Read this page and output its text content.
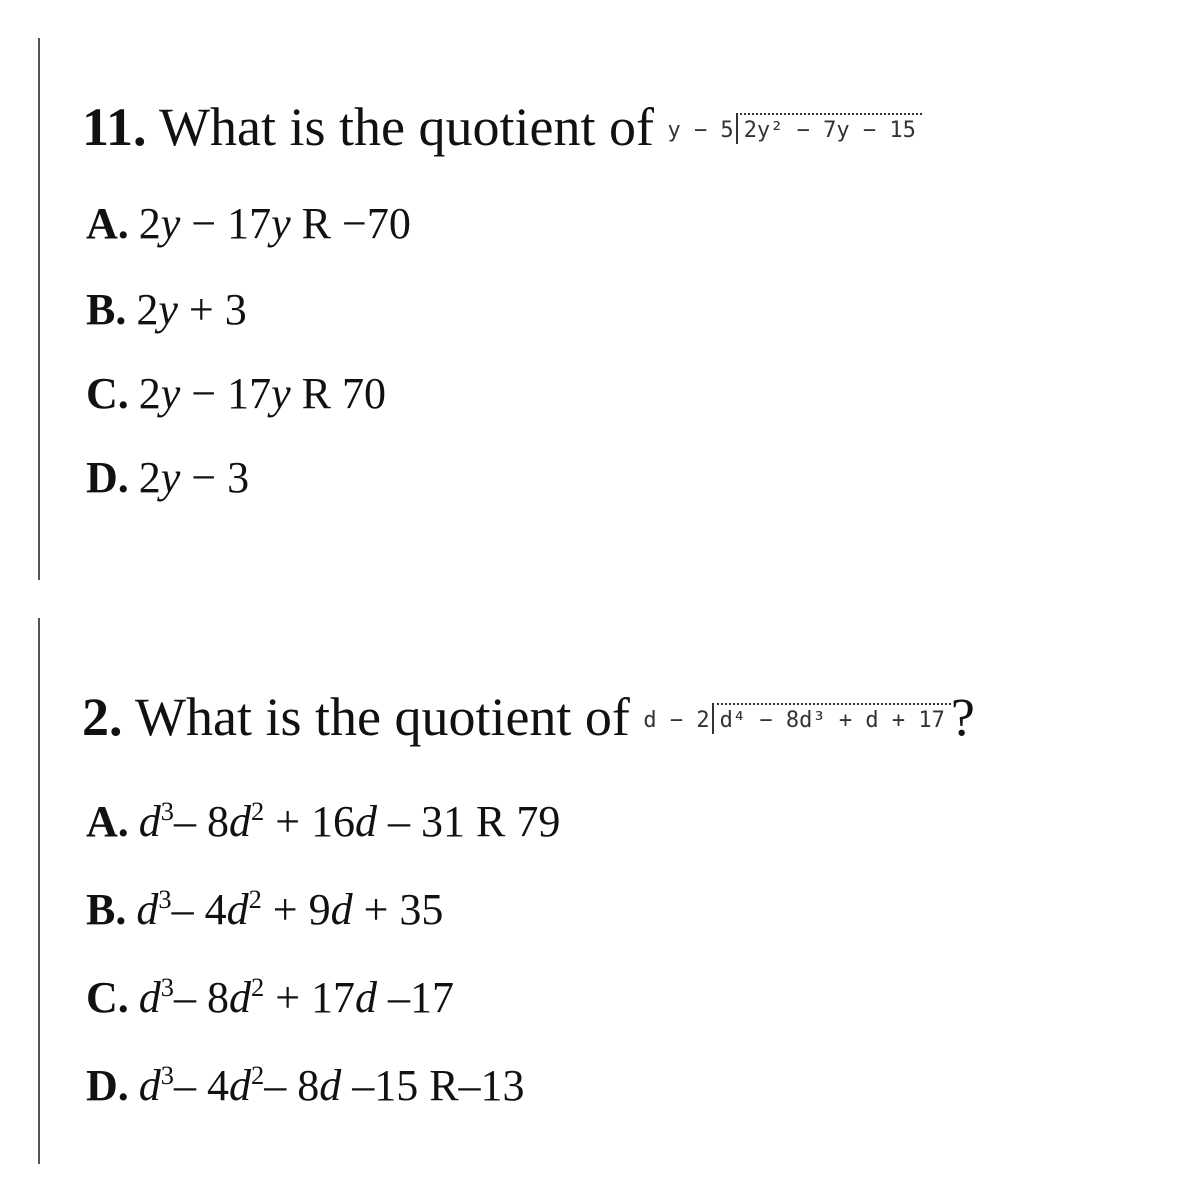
11. What is the quotient of y − 5 2y² − 7y − 15
A. 2y − 17y R −70
B. 2y + 3
C. 2y − 17y R 70
D. 2y − 3
2. What is the quotient of d − 2 d⁴ − 8d³ + d + 17 ?
A. $d^3-$ $8d^2 + 16d - 31$ R 79
B. $d^3-$ $4d^2 + 9d + 35$
C. $d^3-$ $8d^2 + 17d$ –17
D. $d^3-$ $4d^2-$ 8d –15 R–13
